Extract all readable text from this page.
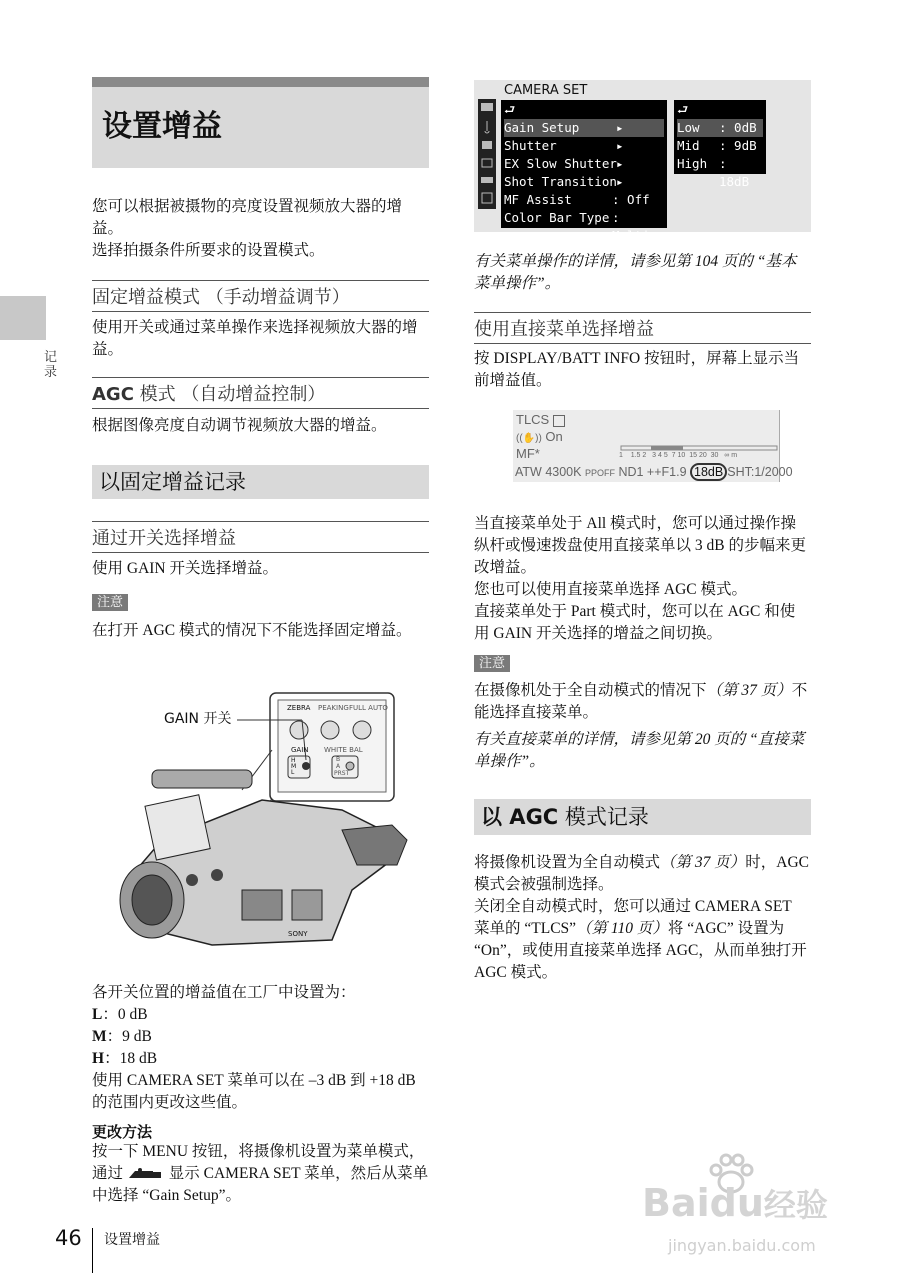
记录
设置增益
您可以根据被摄物的亮度设置视频放大器的增益。
选择拍摄条件所要求的设置模式。
固定增益模式 （手动增益调节）
使用开关或通过菜单操作来选择视频放大器的增益。
AGC 模式 （自动增益控制）
根据图像亮度自动调节视频放大器的增益。
以固定增益记录
通过开关选择增益
使用 GAIN 开关选择增益。
注意
在打开 AGC 模式的情况下不能选择固定增益。
GAIN 开关
ZEBRA PEAKING FULL AUTO
GAIN WHITE BAL
PRST
H
M
L
B
A
SONY
各开关位置的增益值在工厂中设置为：
L：0 dB
M：9 dB
H：18 dB
使用 CAMERA SET 菜单可以在 –3 dB 到 +18 dB 的范围内更改这些值。
更改方法
按一下 MENU 按钮，将摄像机设置为菜单模式，通过	显示 CAMERA SET 菜单，然后从菜单中选择 “Gain Setup”。
CAMERA SET
⮐
Gain Setup	▸
Shutter	▸
EX Slow Shutter ▸
Shot Transition ▸
MF Assist	: Off
Color Bar Type : Multi
⮐
Low : 0dB
Mid : 9dB
High : 18dB
有关菜单操作的详情，请参见第 104 页的 “基本菜单操作”。
使用直接菜单选择增益
按 DISPLAY/BATT INFO 按钮时，屏幕上显示当前增益值。
TLCS
((✋)) On
MF*	1 1.5 2 3 4 5 7 10 15 20 30 ∞ m
ATW 4300K PPOFF ND1 ++F1.9 18dB SHT:1/2000
当直接菜单处于 All 模式时，您可以通过操作操纵杆或慢速拨盘使用直接菜单以 3 dB 的步幅来更改增益。
您也可以使用直接菜单选择 AGC 模式。
直接菜单处于 Part 模式时，您可以在 AGC 和使用 GAIN 开关选择的增益之间切换。
注意
在摄像机处于全自动模式的情况下（第 37 页）不能选择直接菜单。
有关直接菜单的详情，请参见第 20 页的 “直接菜单操作”。
以 AGC 模式记录
将摄像机设置为全自动模式（第 37 页）时，AGC 模式会被强制选择。
关闭全自动模式时，您可以通过 CAMERA SET 菜单的 “TLCS”（第 110 页）将 “AGC” 设置为 “On”，或使用直接菜单选择 AGC，从而单独打开 AGC 模式。
46 设置增益
Baidu经验
jingyan.baidu.com
